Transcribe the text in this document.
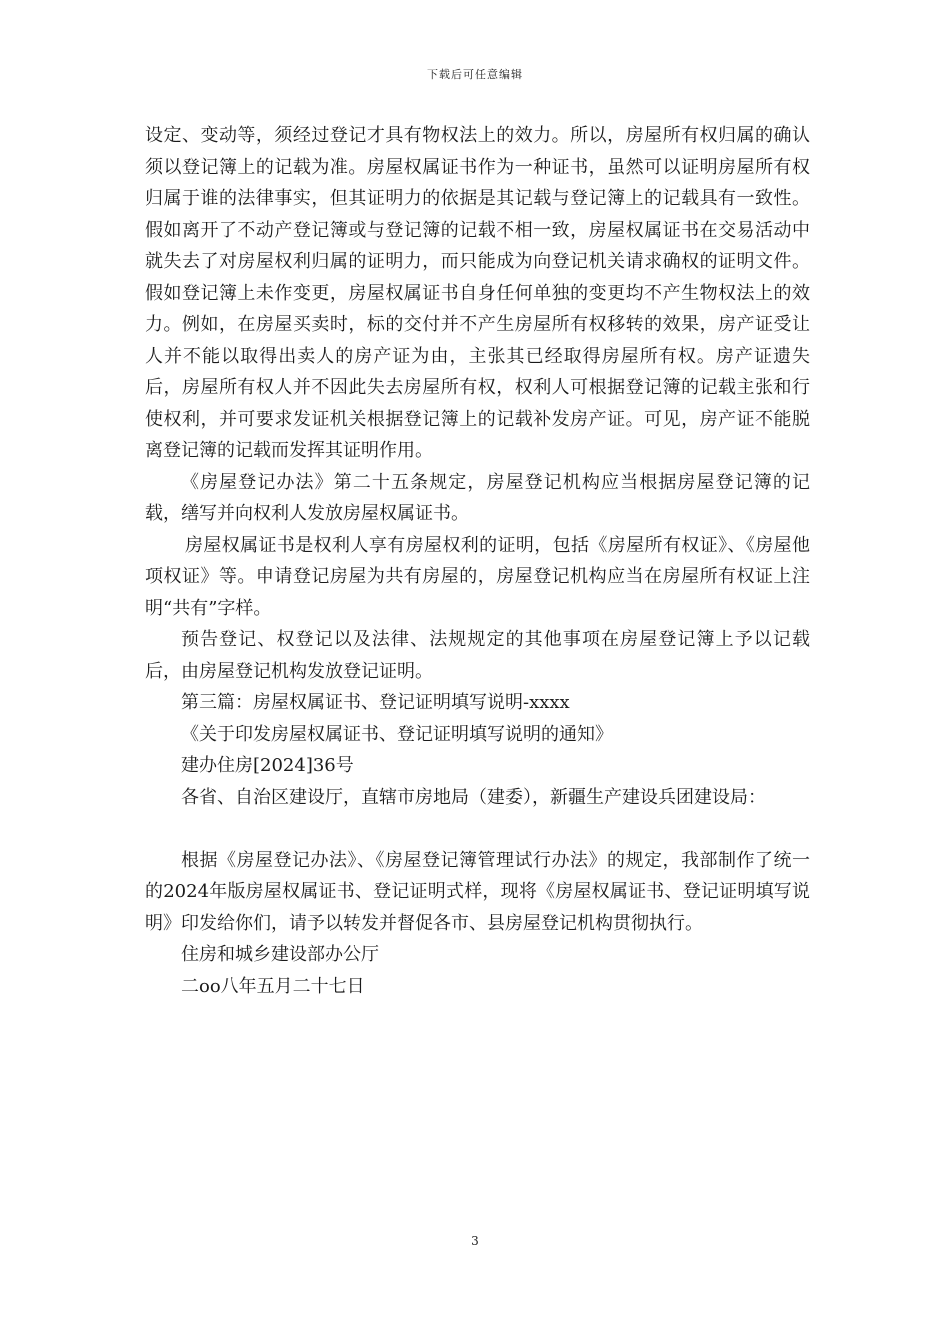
下载后可任意编辑

设定、变动等，须经过登记才具有物权法上的效力。所以，房屋所有权归属的确认须以登记簿上的记载为准。房屋权属证书作为一种证书，虽然可以证明房屋所有权归属于谁的法律事实，但其证明力的依据是其记载与登记簿上的记载具有一致性。假如离开了不动产登记簿或与登记簿的记载不相一致，房屋权属证书在交易活动中就失去了对房屋权利归属的证明力，而只能成为向登记机关请求确权的证明文件。假如登记簿上未作变更，房屋权属证书自身任何单独的变更均不产生物权法上的效力。例如，在房屋买卖时，标的交付并不产生房屋所有权移转的效果，房产证受让人并不能以取得出卖人的房产证为由，主张其已经取得房屋所有权。房产证遗失后，房屋所有权人并不因此失去房屋所有权，权利人可根据登记簿的记载主张和行使权利，并可要求发证机关根据登记簿上的记载补发房产证。可见，房产证不能脱离登记簿的记载而发挥其证明作用。

《房屋登记办法》第二十五条规定，房屋登记机构应当根据房屋登记簿的记载，缮写并向权利人发放房屋权属证书。

房屋权属证书是权利人享有房屋权利的证明，包括《房屋所有权证》、《房屋他项权证》等。申请登记房屋为共有房屋的，房屋登记机构应当在房屋所有权证上注明“共有”字样。

预告登记、权登记以及法律、法规规定的其他事项在房屋登记簿上予以记载后，由房屋登记机构发放登记证明。

第三篇：房屋权属证书、登记证明填写说明-xxxx

《关于印发房屋权属证书、登记证明填写说明的通知》

建办住房[2024]36号

各省、自治区建设厅，直辖市房地局（建委），新疆生产建设兵团建设局：

根据《房屋登记办法》、《房屋登记簿管理试行办法》的规定，我部制作了统一的2024年版房屋权属证书、登记证明式样，现将《房屋权属证书、登记证明填写说明》印发给你们，请予以转发并督促各市、县房屋登记机构贯彻执行。

住房和城乡建设部办公厅

二oo八年五月二十七日

3
